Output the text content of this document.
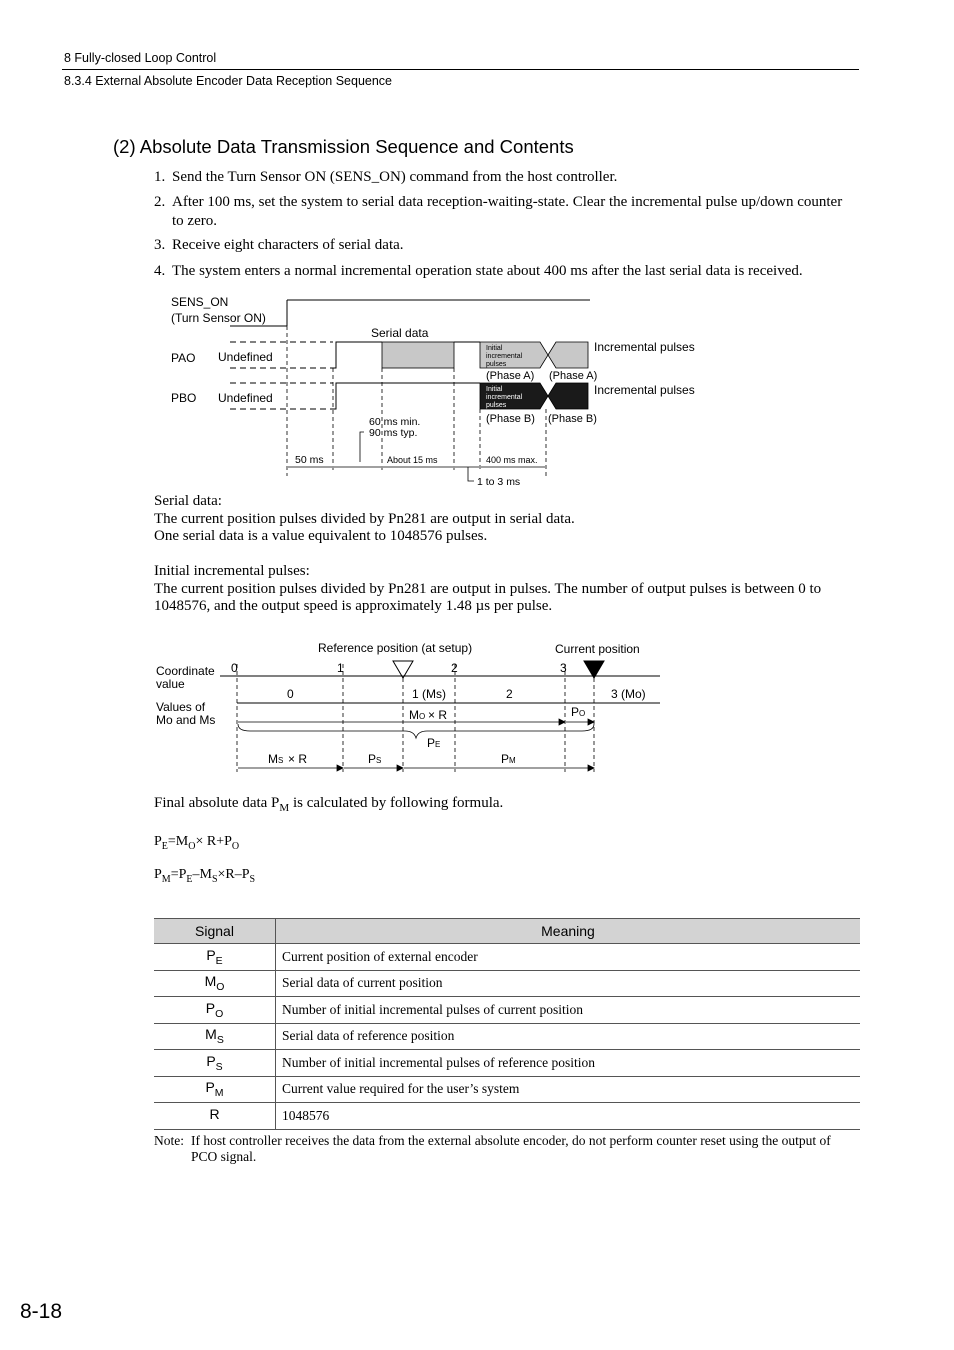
8 Fully-closed Loop Control
8.3.4 External Absolute Encoder Data Reception Sequence
(2) Absolute Data Transmission Sequence and Contents
1. Send the Turn Sensor ON (SENS_ON) command from the host controller.
2. After 100 ms, set the system to serial data reception-waiting-state. Clear the incremental pulse up/down counter to zero.
3. Receive eight characters of serial data.
4. The system enters a normal incremental operation state about 400 ms after the last serial data is received.
SENS_ON
(Turn Sensor ON)
Serial data
PAO
PBO
Undefined
Undefined
Initial
incremental
pulses
(Phase A) (Phase A)
Incremental pulses
Initial
incremental
pulses
(Phase B) (Phase B)
Incremental pulses
60 ms min.
90 ms typ.
50 ms	About 15 ms	400 ms max.
1 to 3 ms
Serial data:
The current position pulses divided by Pn281 are output in serial data.
One serial data is a value equivalent to 1048576 pulses.
Initial incremental pulses:
The current position pulses divided by Pn281 are output in pulses. The number of output pulses is between 0 to 1048576, and the output speed is approximately 1.48 µs per pulse.
Reference position (at setup)	Current position
Coordinate
value
Values of
Mo and Ms
0	1	2	3
0	1 (Ms)	2	3 (Mo)
M O × R	P O
P E
M S × R	P S	P M
Final absolute data $P_M$ is calculated by following formula.
$P_E=M_O\times R+P_O$
$P_M=P_E-M_S\times R-P_S$
Signal	Meaning
$P_E$	Current position of external encoder
$M_O$	Serial data of current position
$P_O$	Number of initial incremental pulses of current position
$M_S$	Serial data of reference position
$P_S$	Number of initial incremental pulses of reference position
$P_M$	Current value required for the user’s system
R	1048576
Note: If host controller receives the data from the external absolute encoder, do not perform counter reset using the output of PCO signal.
8-18
